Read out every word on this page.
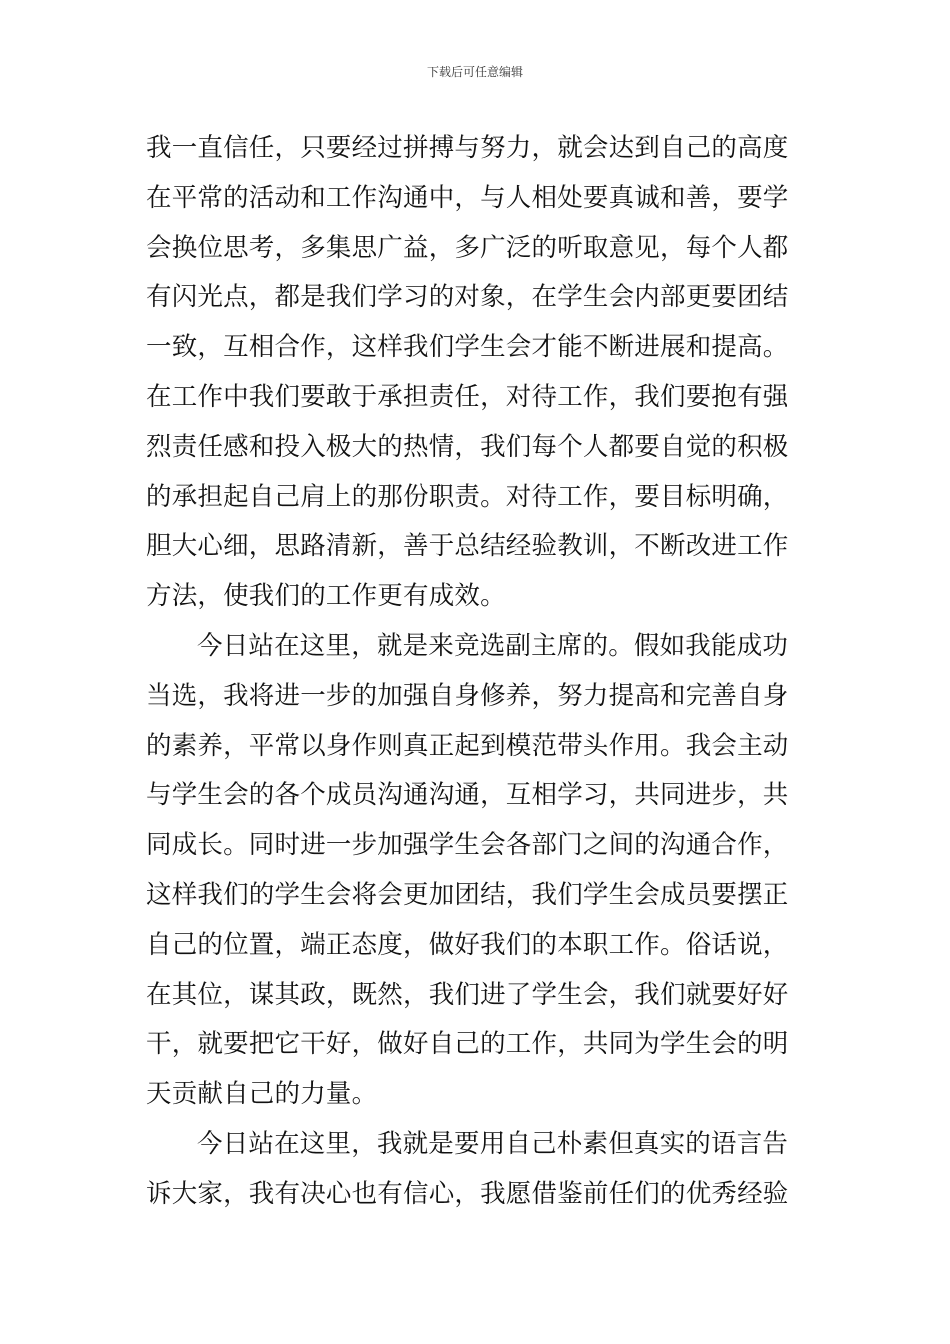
下载后可任意编辑
我一直信任，只要经过拼搏与努力，就会达到自己的高度
在平常的活动和工作沟通中，与人相处要真诚和善，要学
会换位思考，多集思广益，多广泛的听取意见，每个人都
有闪光点，都是我们学习的对象，在学生会内部更要团结
一致，互相合作，这样我们学生会才能不断进展和提高。
在工作中我们要敢于承担责任，对待工作，我们要抱有强
烈责任感和投入极大的热情，我们每个人都要自觉的积极
的承担起自己肩上的那份职责。对待工作，要目标明确，
胆大心细，思路清新，善于总结经验教训，不断改进工作
方法，使我们的工作更有成效。
今日站在这里，就是来竞选副主席的。假如我能成功
当选，我将进一步的加强自身修养，努力提高和完善自身
的素养，平常以身作则真正起到模范带头作用。我会主动
与学生会的各个成员沟通沟通，互相学习，共同进步，共
同成长。同时进一步加强学生会各部门之间的沟通合作，
这样我们的学生会将会更加团结，我们学生会成员要摆正
自己的位置，端正态度，做好我们的本职工作。俗话说，
在其位，谋其政，既然，我们进了学生会，我们就要好好
干，就要把它干好，做好自己的工作，共同为学生会的明
天贡献自己的力量。
今日站在这里，我就是要用自己朴素但真实的语言告
诉大家，我有决心也有信心，我愿借鉴前任们的优秀经验
